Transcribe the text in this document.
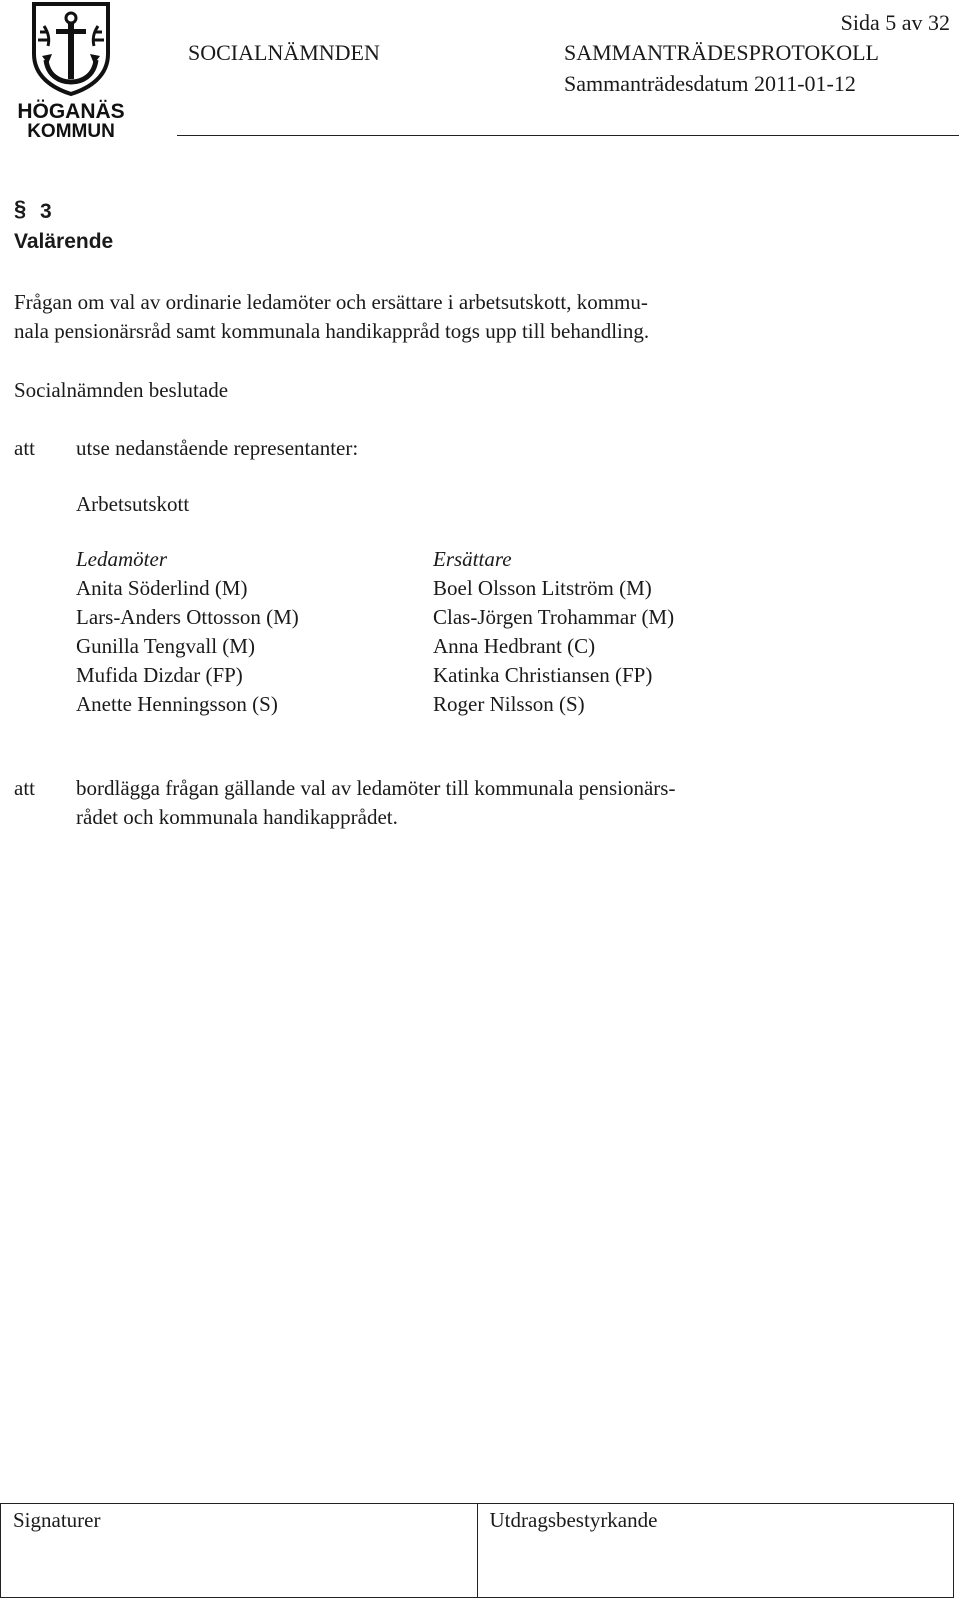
HÖGANÄS
KOMMUN
Sida 5 av 32
SOCIALNÄMNDEN	SAMMANTRÄDESPROTOKOLL
Sammanträdesdatum 2011-01-12
§ 3
Valärende
Frågan om val av ordinarie ledamöter och ersättare i arbetsutskott, kommu-
nala pensionärsråd samt kommunala handikappråd togs upp till behandling.
Socialnämnden beslutade
att utse nedanstående representanter:
Arbetsutskott
Ledamöter
Anita Söderlind (M)
Lars-Anders Ottosson (M)
Gunilla Tengvall (M)
Mufida Dizdar (FP)
Anette Henningsson (S)
Ersättare
Boel Olsson Litström (M)
Clas-Jörgen Trohammar (M)
Anna Hedbrant (C)
Katinka Christiansen (FP)
Roger Nilsson (S)
att bordlägga frågan gällande val av ledamöter till kommunala pensionärs-
rådet och kommunala handikapprådet.
Signaturer	Utdragsbestyrkande
